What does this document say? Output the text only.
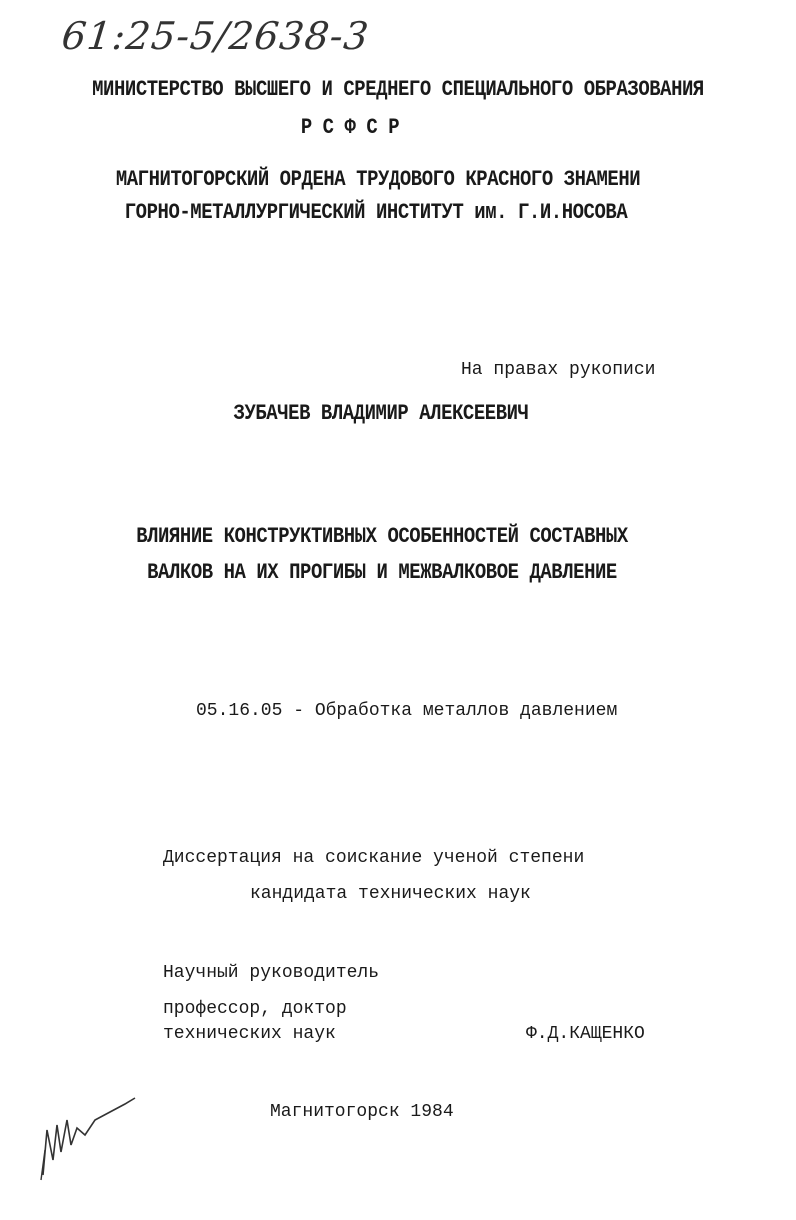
61:25-5/2638-3
МИНИСТЕРСТВО ВЫСШЕГО И СРЕДНЕГО СПЕЦИАЛЬНОГО ОБРАЗОВАНИЯ
Р С Ф С Р
МАГНИТОГОРСКИЙ ОРДЕНА ТРУДОВОГО КРАСНОГО ЗНАМЕНИ
ГОРНО-МЕТАЛЛУРГИЧЕСКИЙ ИНСТИТУТ им. Г.И.НОСОВА
На правах рукописи
ЗУБАЧЕВ ВЛАДИМИР АЛЕКСЕЕВИЧ
ВЛИЯНИЕ КОНСТРУКТИВНЫХ ОСОБЕННОСТЕЙ СОСТАВНЫХ
ВАЛКОВ НА ИХ ПРОГИБЫ И МЕЖВАЛКОВОЕ ДАВЛЕНИЕ
05.16.05 - Обработка металлов давлением
Диссертация на соискание ученой степени
кандидата технических наук
Научный руководитель
профессор, доктор
технических наук	Ф.Д.КАЩЕНКО
Магнитогорск 1984
